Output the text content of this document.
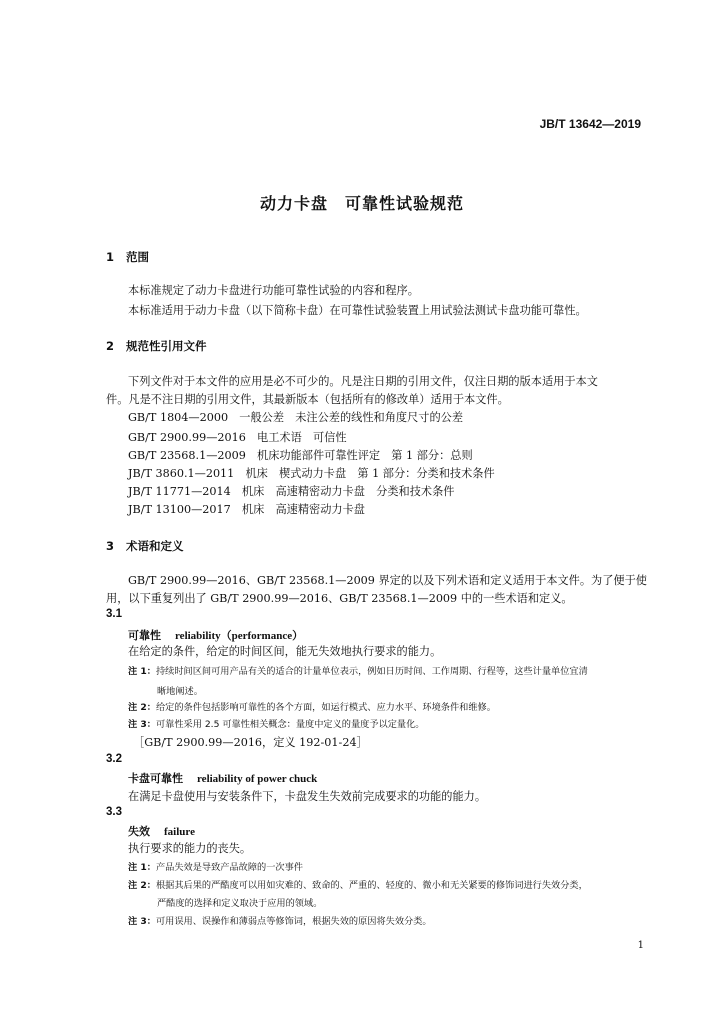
JB/T 13642—2019
动力卡盘　可靠性试验规范
1 范围
本标准规定了动力卡盘进行功能可靠性试验的内容和程序。
本标准适用于动力卡盘（以下简称卡盘）在可靠性试验装置上用试验法测试卡盘功能可靠性。
2 规范性引用文件
下列文件对于本文件的应用是必不可少的。凡是注日期的引用文件，仅注日期的版本适用于本文
件。凡是不注日期的引用文件，其最新版本（包括所有的修改单）适用于本文件。
GB/T 1804—2000　一般公差　未注公差的线性和角度尺寸的公差
GB/T 2900.99—2016　电工术语　可信性
GB/T 23568.1—2009　机床功能部件可靠性评定　第 1 部分：总则
JB/T 3860.1—2011　机床　楔式动力卡盘　第 1 部分：分类和技术条件
JB/T 11771—2014　机床　高速精密动力卡盘　分类和技术条件
JB/T 13100—2017　机床　高速精密动力卡盘
3 术语和定义
GB/T 2900.99—2016、GB/T 23568.1—2009 界定的以及下列术语和定义适用于本文件。为了便于使
用，以下重复列出了 GB/T 2900.99—2016、GB/T 23568.1—2009 中的一些术语和定义。
3.1
可靠性 reliability（performance）
在给定的条件，给定的时间区间，能无失效地执行要求的能力。
注 1：持续时间区间可用产品有关的适合的计量单位表示，例如日历时间、工作周期、行程等，这些计量单位宜清
晰地阐述。
注 2：给定的条件包括影响可靠性的各个方面，如运行模式、应力水平、环境条件和维修。
注 3：可靠性采用 2.5 可靠性相关概念：量度中定义的量度予以定量化。
［GB/T 2900.99—2016，定义 192-01-24］
3.2
卡盘可靠性 reliability of power chuck
在满足卡盘使用与安装条件下，卡盘发生失效前完成要求的功能的能力。
3.3
失效 failure
执行要求的能力的丧失。
注 1：产品失效是导致产品故障的一次事件
注 2：根据其后果的严酷度可以用如灾难的、致命的、严重的、轻度的、微小和无关紧要的修饰词进行失效分类，
严酷度的选择和定义取决于应用的领域。
注 3：可用误用、误操作和薄弱点等修饰词，根据失效的原因将失效分类。
1
